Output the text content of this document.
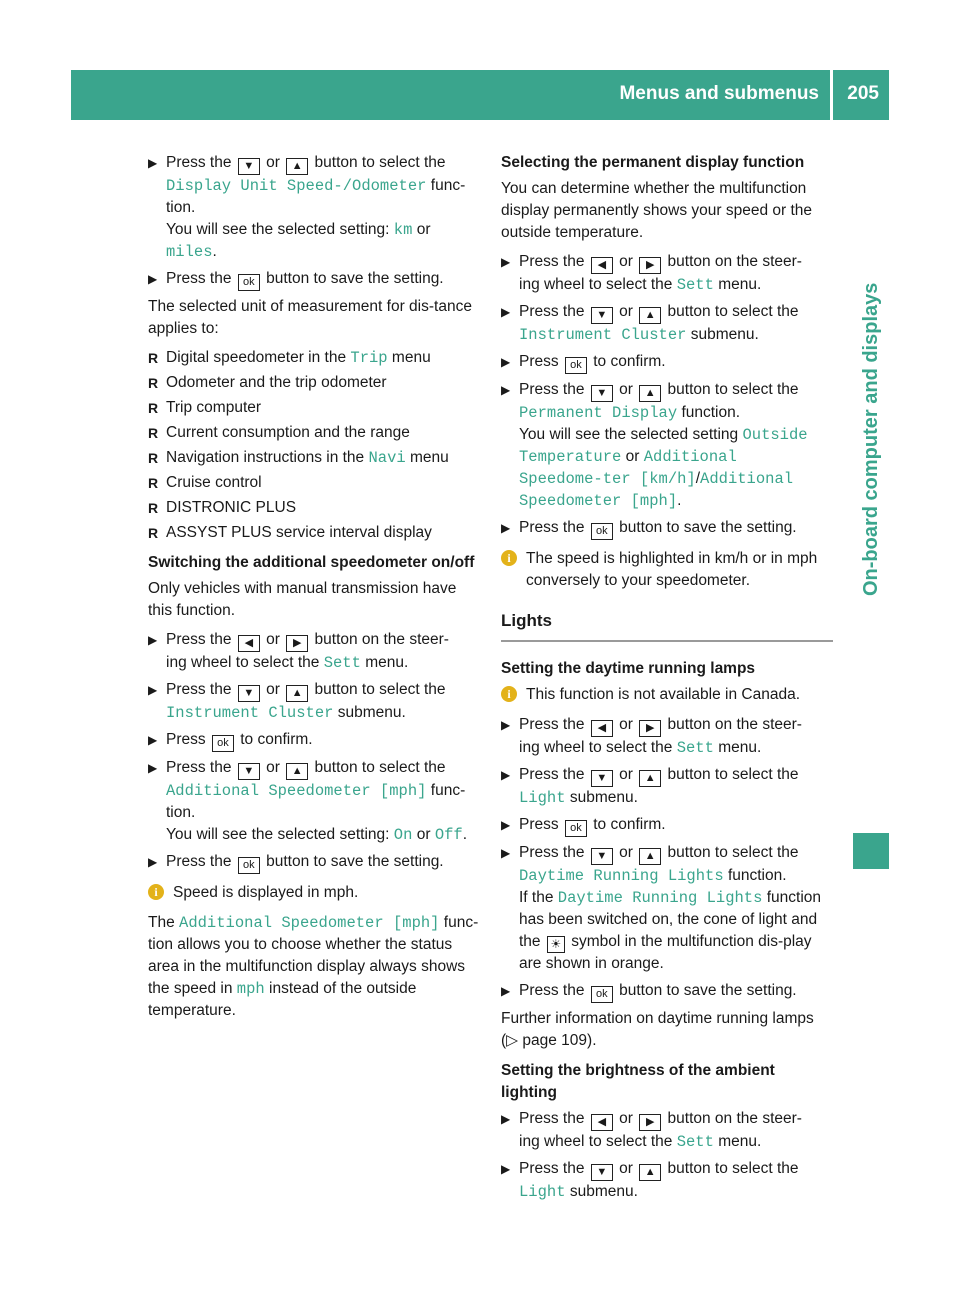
Menus and submenus 205
On-board computer and displays
▶ Press the ▼ or ▲ button to select the
Display Unit Speed-/Odometer func-
tion.
You will see the selected setting: km or
miles.
▶ Press the ok button to save the setting.

The selected unit of measurement for dis-tance applies to:

R Digital speedometer in the Trip menu
R Odometer and the trip odometer
R Trip computer
R Current consumption and the range
R Navigation instructions in the Navi menu
R Cruise control
R DISTRONIC PLUS
R ASSYST PLUS service interval display
Switching the additional speedometer on/off

Only vehicles with manual transmission have this function.

▶ Press the ◀ or ▶ button on the steer-
ing wheel to select the Sett menu.
▶ Press the ▼ or ▲ button to select the
Instrument Cluster submenu.
▶ Press ok to confirm.
▶ Press the ▼ or ▲ button to select the
Additional Speedometer [mph] func-
tion.
You will see the selected setting: On or Off.
▶ Press the ok button to save the setting.
i Speed is displayed in mph.

The Additional Speedometer [mph] func- tion allows you to choose whether the status area in the multifunction display always shows the speed in mph instead of the outside temperature.

Selecting the permanent display function

You can determine whether the multifunction display permanently shows your speed or the outside temperature.

▶ Press the ◀ or ▶ button on the steer-
ing wheel to select the Sett menu.
▶ Press the ▼ or ▲ button to select the
Instrument Cluster submenu.
▶ Press ok to confirm.
▶ Press the ▼ or ▲ button to select the
Permanent Display function.
You will see the selected setting Outside Temperature or Additional Speedome-ter [km/h]/Additional Speedometer [mph].
▶ Press the ok button to save the setting.
i The speed is highlighted in km/h or in mph conversely to your speedometer.
Lights
Setting the daytime running lamps
i This function is not available in Canada.
▶ Press the ◀ or ▶ button on the steer-
ing wheel to select the Sett menu.
▶ Press the ▼ or ▲ button to select the
Light submenu.
▶ Press ok to confirm.
▶ Press the ▼ or ▲ button to select the
Daytime Running Lights function.
If the Daytime Running Lights function has been switched on, the cone of light and the ☀ symbol in the multifunction dis-play are shown in orange.
▶ Press the ok button to save the setting.

Further information on daytime running lamps (▷ page 109).

Setting the brightness of the ambient lighting
▶ Press the ◀ or ▶ button on the steer-
ing wheel to select the Sett menu.
▶ Press the ▼ or ▲ button to select the
Light submenu.
